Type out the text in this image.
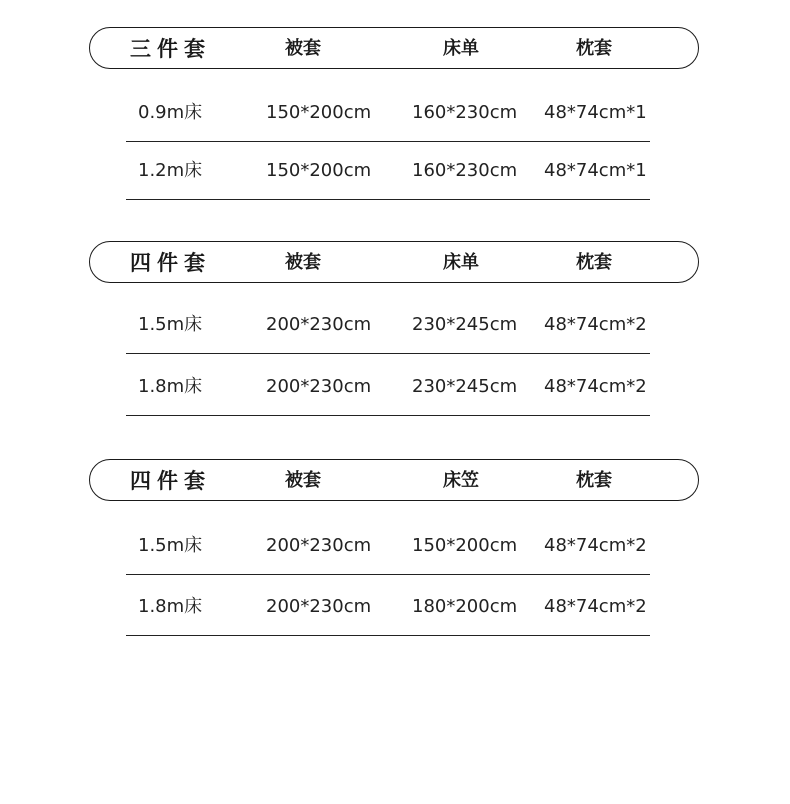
三件套	被套	床单	枕套
0.9m床	150*200cm 160*230cm 48*74cm*1
1.2m床	150*200cm 160*230cm 48*74cm*1
四件套	被套	床单	枕套
1.5m床	200*230cm 230*245cm 48*74cm*2
1.8m床	200*230cm 230*245cm 48*74cm*2
四件套	被套	床笠	枕套
1.5m床	200*230cm 150*200cm 48*74cm*2
1.8m床	200*230cm 180*200cm 48*74cm*2
